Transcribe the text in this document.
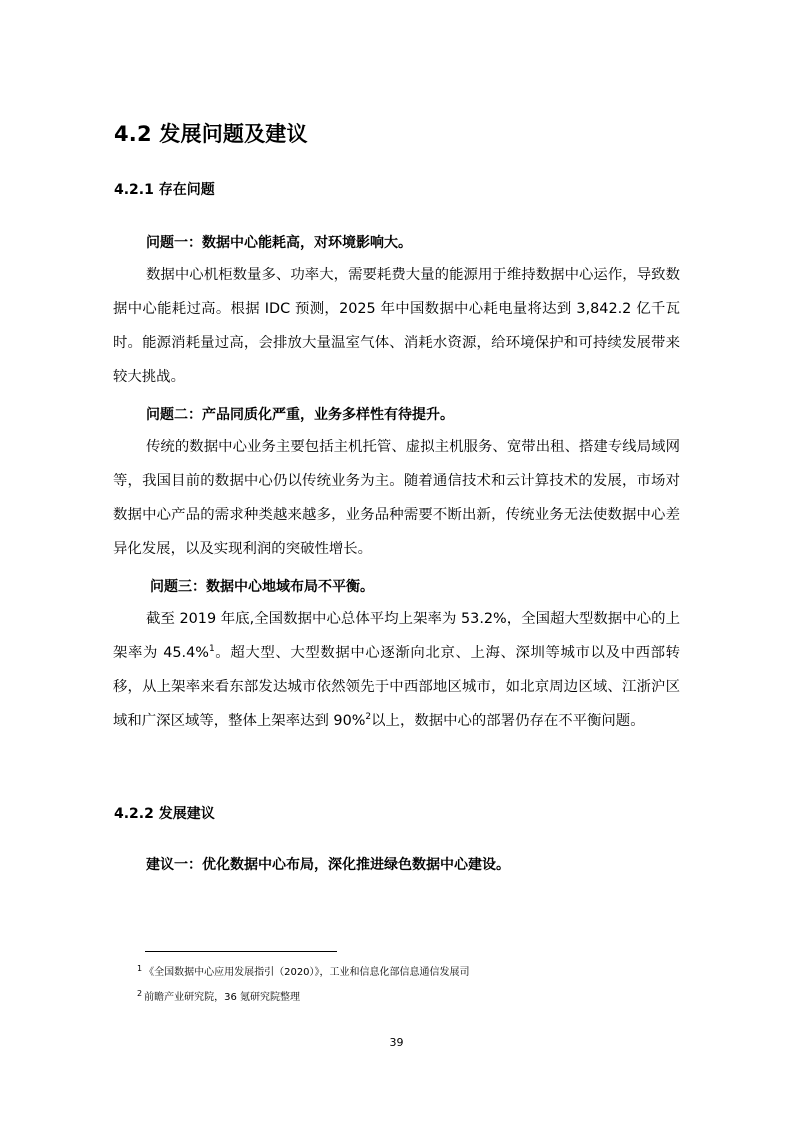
4.2 发展问题及建议
4.2.1 存在问题
问题一：数据中心能耗高，对环境影响大。
数据中心机柜数量多、功率大，需要耗费大量的能源用于维持数据中心运作，导致数据中心能耗过高。根据 IDC 预测，2025 年中国数据中心耗电量将达到 3,842.2 亿千瓦时。能源消耗量过高，会排放大量温室气体、消耗水资源，给环境保护和可持续发展带来较大挑战。
问题二：产品同质化严重，业务多样性有待提升。
传统的数据中心业务主要包括主机托管、虚拟主机服务、宽带出租、搭建专线局域网等，我国目前的数据中心仍以传统业务为主。随着通信技术和云计算技术的发展，市场对数据中心产品的需求种类越来越多，业务品种需要不断出新，传统业务无法使数据中心差异化发展，以及实现利润的突破性增长。
问题三：数据中心地域布局不平衡。
截至 2019 年底,全国数据中心总体平均上架率为 53.2%，全国超大型数据中心的上架率为 45.4%$^1$。超大型、大型数据中心逐渐向北京、上海、深圳等城市以及中西部转移，从上架率来看东部发达城市依然领先于中西部地区城市，如北京周边区域、江浙沪区域和广深区域等，整体上架率达到 90%$^2$以上，数据中心的部署仍存在不平衡问题。
4.2.2 发展建议
建议一：优化数据中心布局，深化推进绿色数据中心建设。
$^1$ 《全国数据中心应用发展指引（2020）》，工业和信息化部信息通信发展司
$^2$ 前瞻产业研究院，36 氪研究院整理
39
